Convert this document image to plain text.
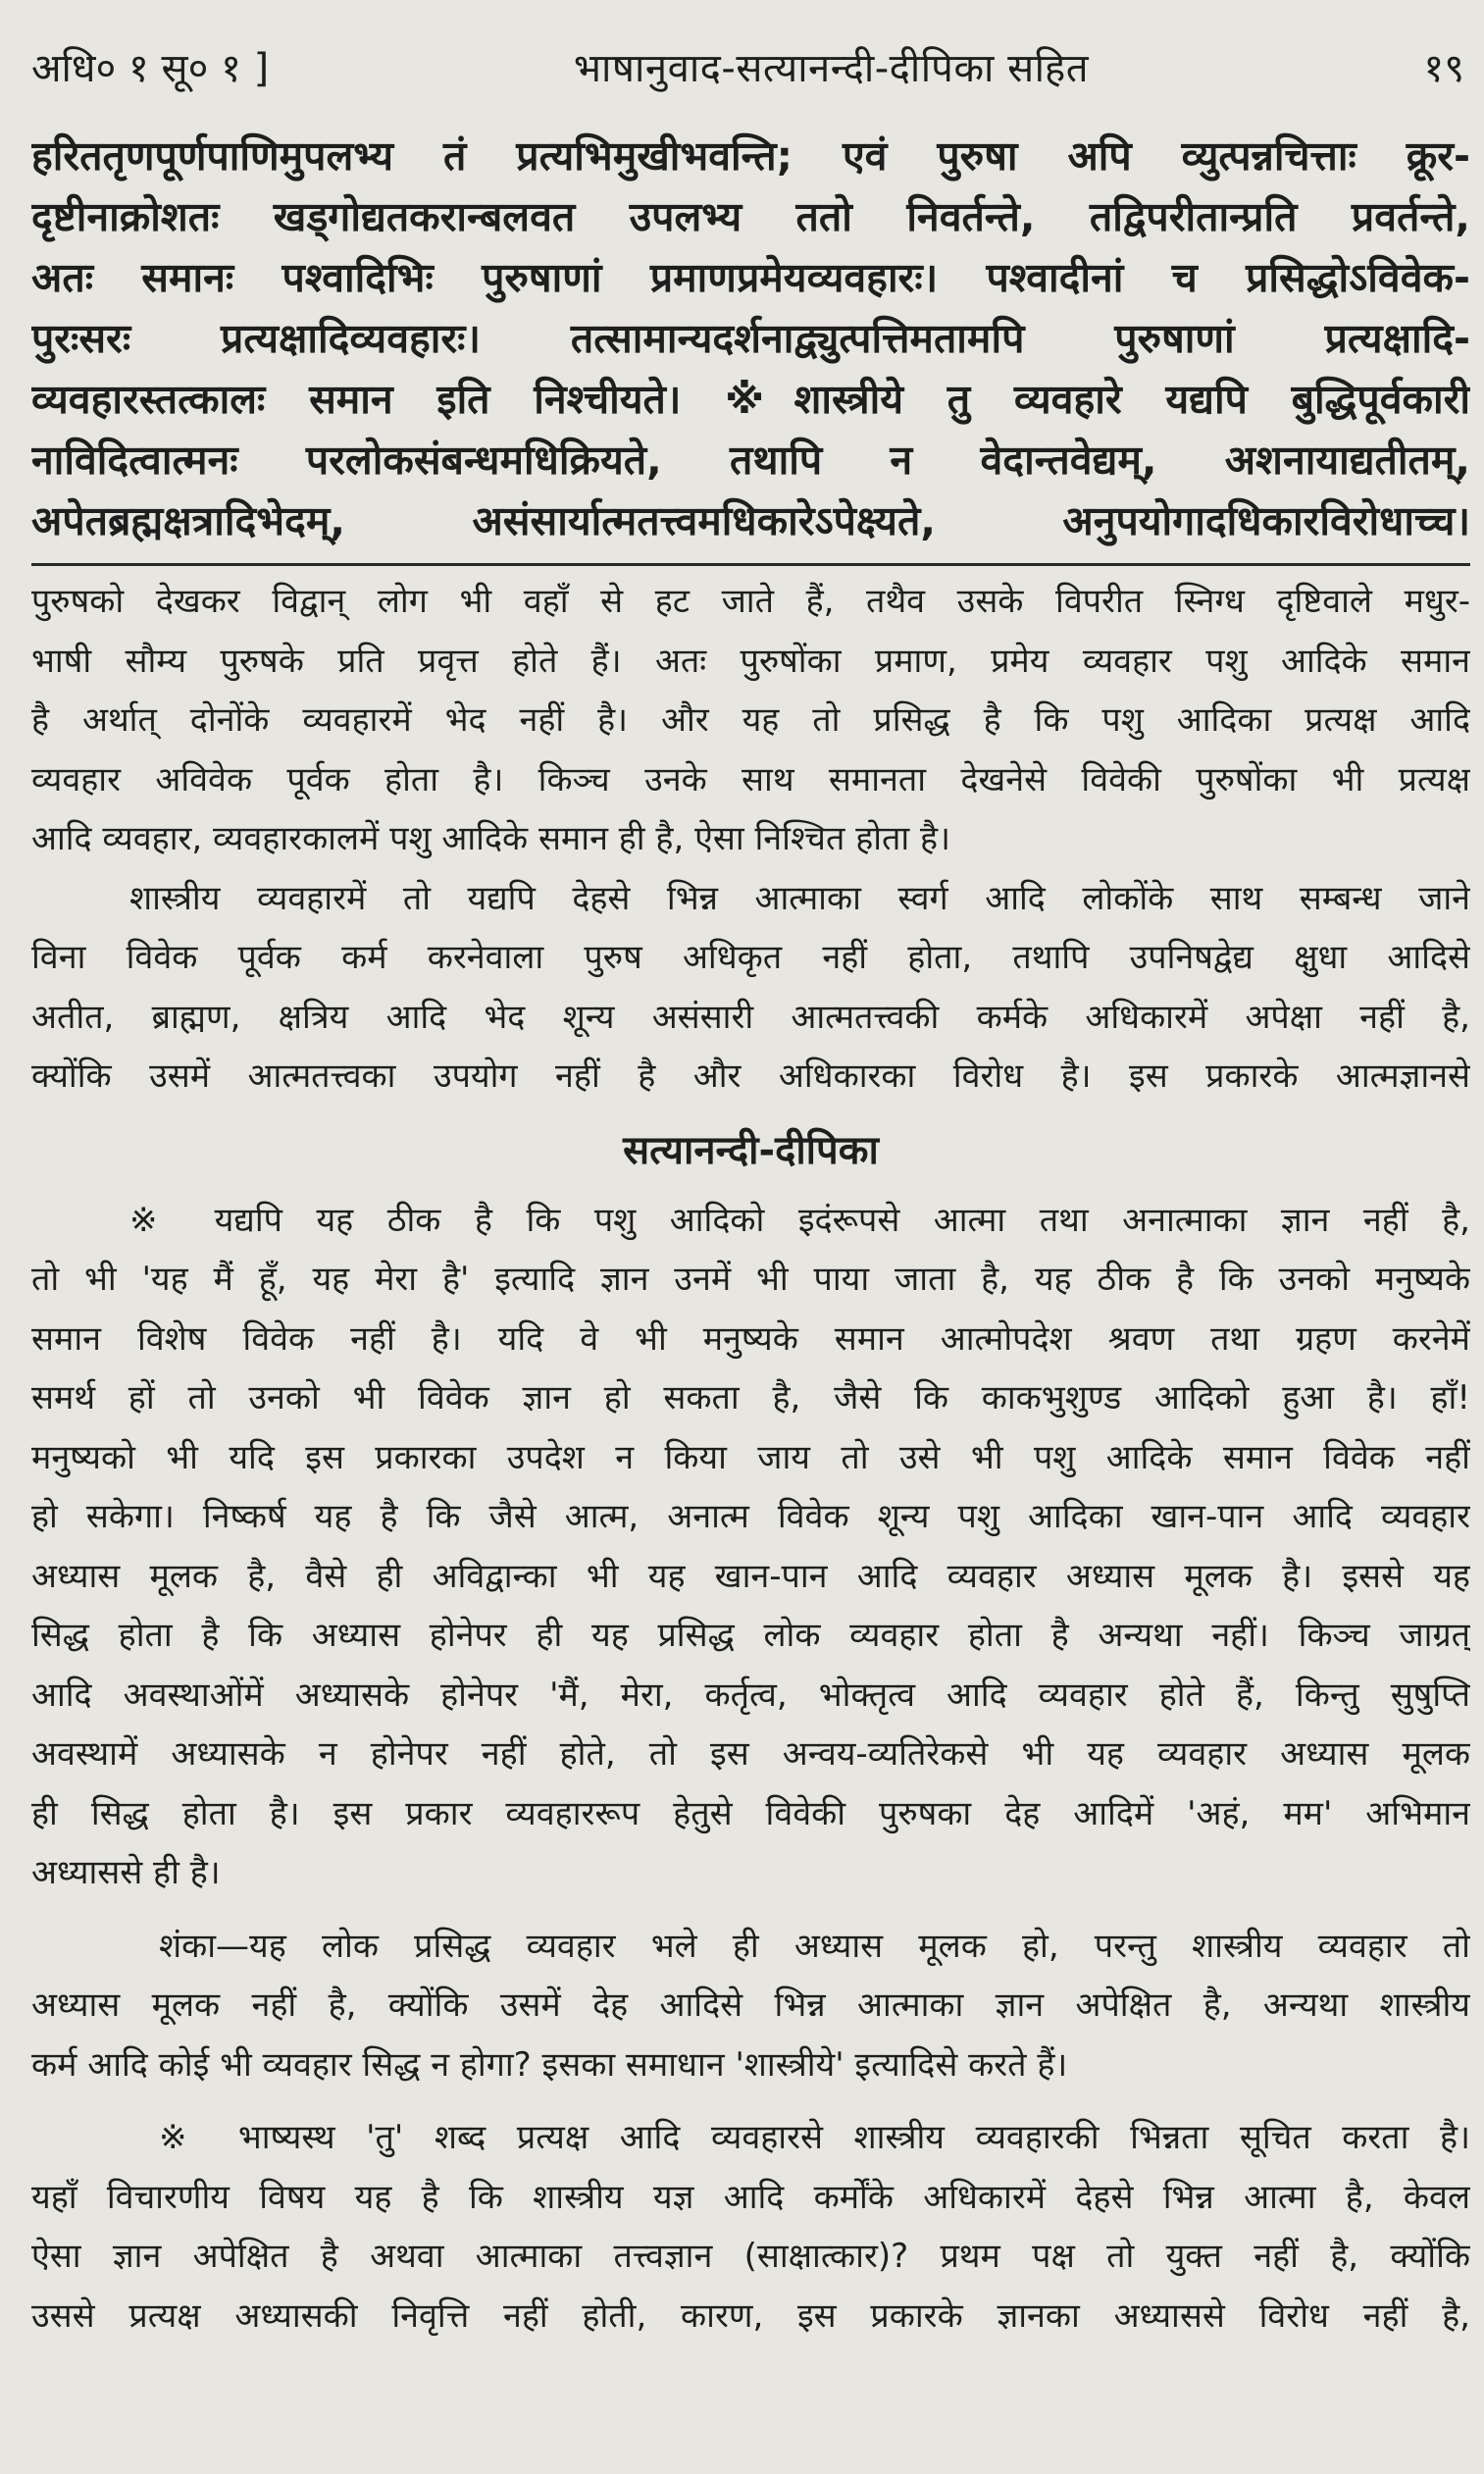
अधि० १ सू० १ ]	भाषानुवाद-सत्यानन्दी-दीपिका सहित	१९
हरिततृणपूर्णपाणिमुपलभ्य तं प्रत्यभिमुखीभवन्ति; एवं पुरुषा अपि व्युत्पन्नचित्ताः क्रूर-
दृष्टीनाक्रोशतः खड्गोद्यतकरान्बलवत उपलभ्य ततो निवर्तन्ते, तद्विपरीतान्प्रति प्रवर्तन्ते,
अतः समानः पश्वादिभिः पुरुषाणां प्रमाणप्रमेयव्यवहारः। पश्वादीनां च प्रसिद्धोऽविवेक-
पुरःसरः प्रत्यक्षादिव्यवहारः। तत्सामान्यदर्शनाद्व्युत्पत्तिमतामपि पुरुषाणां प्रत्यक्षादि-
व्यवहारस्तत्कालः समान इति निश्चीयते। ※शास्त्रीये तु व्यवहारे यद्यपि बुद्धिपूर्वकारी
नाविदित्वात्मनः परलोकसंबन्धमधिक्रियते, तथापि न वेदान्तवेद्यम्, अशनायाद्यतीतम्,
अपेतब्रह्मक्षत्रादिभेदम्, असंसार्यात्मतत्त्वमधिकारेऽपेक्ष्यते, अनुपयोगादधिकारविरोधाच्च।
पुरुषको देखकर विद्वान् लोग भी वहाँ से हट जाते हैं, तथैव उसके विपरीत स्निग्ध दृष्टिवाले मधुर-
भाषी सौम्य पुरुषके प्रति प्रवृत्त होते हैं। अतः पुरुषोंका प्रमाण, प्रमेय व्यवहार पशु आदिके समान
है अर्थात् दोनोंके व्यवहारमें भेद नहीं है। और यह तो प्रसिद्ध है कि पशु आदिका प्रत्यक्ष आदि
व्यवहार अविवेक पूर्वक होता है। किञ्च उनके साथ समानता देखनेसे विवेकी पुरुषोंका भी प्रत्यक्ष
आदि व्यवहार, व्यवहारकालमें पशु आदिके समान ही है, ऐसा निश्चित होता है।
शास्त्रीय व्यवहारमें तो यद्यपि देहसे भिन्न आत्माका स्वर्ग आदि लोकोंके साथ सम्बन्ध जाने
विना विवेक पूर्वक कर्म करनेवाला पुरुष अधिकृत नहीं होता, तथापि उपनिषद्वेद्य क्षुधा आदिसे
अतीत, ब्राह्मण, क्षत्रिय आदि भेद शून्य असंसारी आत्मतत्त्वकी कर्मके अधिकारमें अपेक्षा नहीं है,
क्योंकि उसमें आत्मतत्त्वका उपयोग नहीं है और अधिकारका विरोध है। इस प्रकारके आत्मज्ञानसे
सत्यानन्दी-दीपिका
※ यद्यपि यह ठीक है कि पशु आदिको इदंरूपसे आत्मा तथा अनात्माका ज्ञान नहीं है,
तो भी 'यह मैं हूँ, यह मेरा है' इत्यादि ज्ञान उनमें भी पाया जाता है, यह ठीक है कि उनको मनुष्यके
समान विशेष विवेक नहीं है। यदि वे भी मनुष्यके समान आत्मोपदेश श्रवण तथा ग्रहण करनेमें
समर्थ हों तो उनको भी विवेक ज्ञान हो सकता है, जैसे कि काकभुशुण्ड आदिको हुआ है। हाँ!
मनुष्यको भी यदि इस प्रकारका उपदेश न किया जाय तो उसे भी पशु आदिके समान विवेक नहीं
हो सकेगा। निष्कर्ष यह है कि जैसे आत्म, अनात्म विवेक शून्य पशु आदिका खान-पान आदि व्यवहार
अध्यास मूलक है, वैसे ही अविद्वान्का भी यह खान-पान आदि व्यवहार अध्यास मूलक है। इससे यह
सिद्ध होता है कि अध्यास होनेपर ही यह प्रसिद्ध लोक व्यवहार होता है अन्यथा नहीं। किञ्च जाग्रत्
आदि अवस्थाओंमें अध्यासके होनेपर 'मैं, मेरा, कर्तृत्व, भोक्तृत्व आदि व्यवहार होते हैं, किन्तु सुषुप्ति
अवस्थामें अध्यासके न होनेपर नहीं होते, तो इस अन्वय-व्यतिरेकसे भी यह व्यवहार अध्यास मूलक
ही सिद्ध होता है। इस प्रकार व्यवहाररूप हेतुसे विवेकी पुरुषका देह आदिमें 'अहं, मम' अभिमान
अध्याससे ही है।
शंका—यह लोक प्रसिद्ध व्यवहार भले ही अध्यास मूलक हो, परन्तु शास्त्रीय व्यवहार तो
अध्यास मूलक नहीं है, क्योंकि उसमें देह आदिसे भिन्न आत्माका ज्ञान अपेक्षित है, अन्यथा शास्त्रीय
कर्म आदि कोई भी व्यवहार सिद्ध न होगा? इसका समाधान 'शास्त्रीये' इत्यादिसे करते हैं।
※ भाष्यस्थ 'तु' शब्द प्रत्यक्ष आदि व्यवहारसे शास्त्रीय व्यवहारकी भिन्नता सूचित करता है।
यहाँ विचारणीय विषय यह है कि शास्त्रीय यज्ञ आदि कर्मोंके अधिकारमें देहसे भिन्न आत्मा है, केवल
ऐसा ज्ञान अपेक्षित है अथवा आत्माका तत्त्वज्ञान (साक्षात्कार)? प्रथम पक्ष तो युक्त नहीं है, क्योंकि
उससे प्रत्यक्ष अध्यासकी निवृत्ति नहीं होती, कारण, इस प्रकारके ज्ञानका अध्याससे विरोध नहीं है,
